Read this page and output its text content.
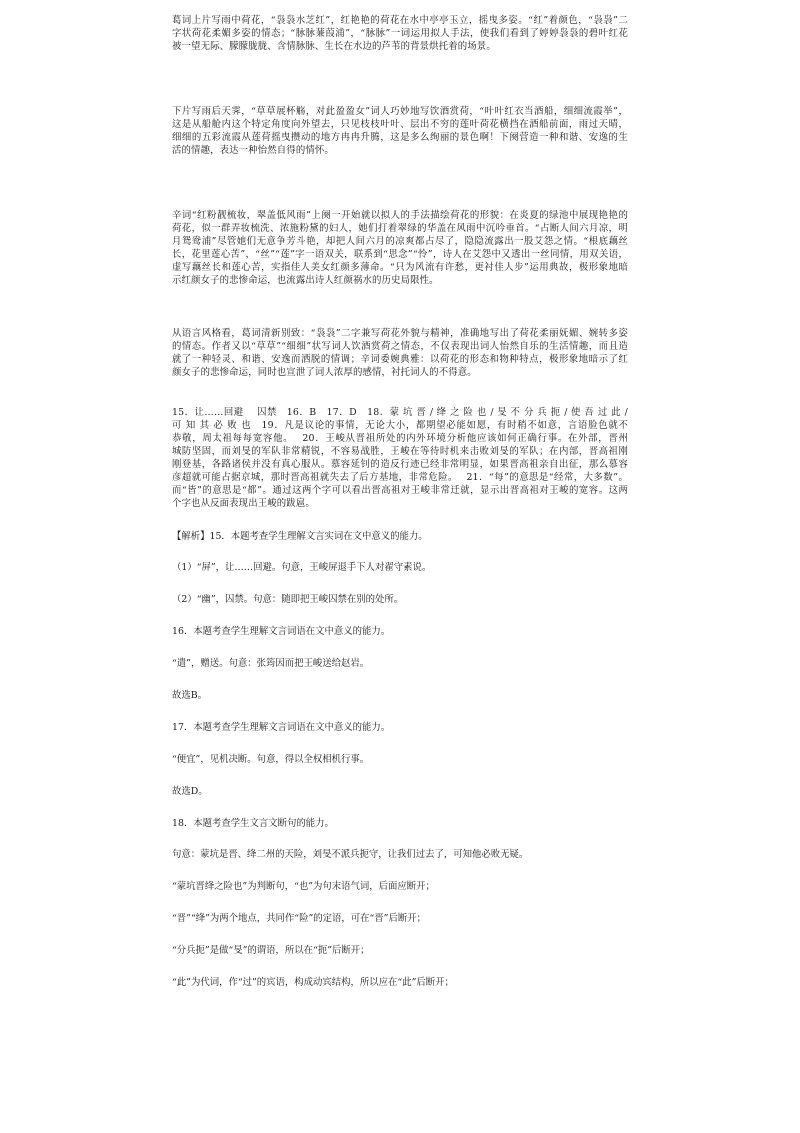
葛词上片写雨中荷花，“袅袅水芝红”，红艳艳的荷花在水中亭亭玉立，摇曳多姿。“红”着颜色，“袅袅”二
字状荷花柔媚多姿的情态；“脉脉蒹葭浦”，“脉脉”一词运用拟人手法，使我们看到了婷婷袅袅的碧叶红花
被一望无际、朦朦胧胧、含情脉脉、生长在水边的芦苇的背景烘托着的场景。
下片写雨后天霁，“草草展杯觞，对此盈盈女”词人巧妙地写饮酒赏荷，“叶叶红衣当酒船，细细流霞举”，
这是从船舱内这个特定角度向外望去，只见枝枝叶叶、层出不穷的莲叶荷花横挡在酒船前面，雨过天晴，
细细的五彩流霞从莲荷摇曳攒动的地方冉冉升腾，这是多么绚丽的景色啊！下阕营造一种和谐、安逸的生
活的情趣，表达一种怡然自得的情怀。
辛词“红粉靓梳妆，翠盖低风雨”上阕一开始就以拟人的手法描绘荷花的形貌：在炎夏的绿池中展现艳艳的
荷花，似一群弄妆梳洗、浓施粉黛的妇人，她们打着翠绿的华盖在风雨中沉吟垂首。“占断人间六月凉，明
月鸳鸯浦”尽管她们无意争芳斗艳，却把人间六月的凉爽都占尽了，隐隐流露出一股艾怨之情。“根底藕丝
长，花里莲心苦”，“丝”“莲”字一语双关，联系到“思念”“怜”，诗人在艾怨中又透出一丝同情，用双关语，
虚写藕丝长和莲心苦，实指佳人美女红颜多薄命。“只为风流有许愁，更衬佳人步”运用典故，极形象地暗
示红颜女子的悲惨命运，也流露出诗人红颜祸水的历史局限性。
从语言风格看，葛词清新别致：“袅袅”二字兼写荷花外貌与精神，准确地写出了荷花柔丽妩媚、婉转多姿
的情态。作者又以“草草”“细细”状写词人饮酒赏荷之情态，不仅表现出词人怡然自乐的生活情趣，而且造
就了一种轻灵、和谐、安逸而洒脱的情调；辛词委婉典雅：以荷花的形态和物种特点，极形象地暗示了红
颜女子的悲惨命运，同时也宣泄了词人浓厚的感情，衬托词人的不得意。
15．让……回避　 囚禁　16．B　17．D　18．蒙 坑 晋 / 绛 之 险 也 / 旻 不 分 兵 扼 / 使 吾 过 此 /
可 知 其 必 败 也　19．凡是议论的事情，无论大小，都期望必能如愿，有时稍不如意，言语脸色就不
恭敬，周太祖每每宽容他。　 20．王峻从晋祖所处的内外环境分析他应该如何正确行事。在外部，晋州
城防坚固，而刘旻的军队非常精锐，不容易战胜，王峻在等待时机来击败刘旻的军队；在内部，晋高祖刚
刚登基，各路诸侯并没有真心服从。慕容延钊的造反行迹已经非常明显，如果晋高祖亲自出征，那么慕容
彦超就可能占据京城，那时晋高祖就失去了后方基地，非常危险。　 21．“每”的意思是“经常，大多数”。
而“皆”的意思是“都”。通过这两个字可以看出晋高祖对王峻非常迁就，显示出晋高祖对王峻的宽容。这两
个字也从反面表现出王峻的跋扈。
【解析】15．本题考查学生理解文言实词在文中意义的能力。
（1）“屏”，让……回避。句意，王峻屏退手下人对翟守素说。
（2）“幽”，囚禁。句意：随即把王峻囚禁在别的处所。
16．本题考查学生理解文言词语在文中意义的能力。
“遣”，赠送。句意：张筠因而把王峻送给赵岩。
故选B。
17．本题考查学生理解文言词语在文中意义的能力。
“便宜”，见机决断。句意，得以全权相机行事。
故选D。
18．本题考查学生文言文断句的能力。
句意：蒙坑是晋、绛二州的天险，刘旻不派兵扼守，让我们过去了，可知他必败无疑。
“蒙坑晋绛之险也”为判断句，“也”为句末语气词，后面应断开；
“晋”“绛”为两个地点，共同作“险”的定语，可在“晋”后断开；
“分兵扼”是做“旻”的谓语，所以在“扼”后断开；
“此”为代词，作“过”的宾语，构成动宾结构，所以应在“此”后断开；
